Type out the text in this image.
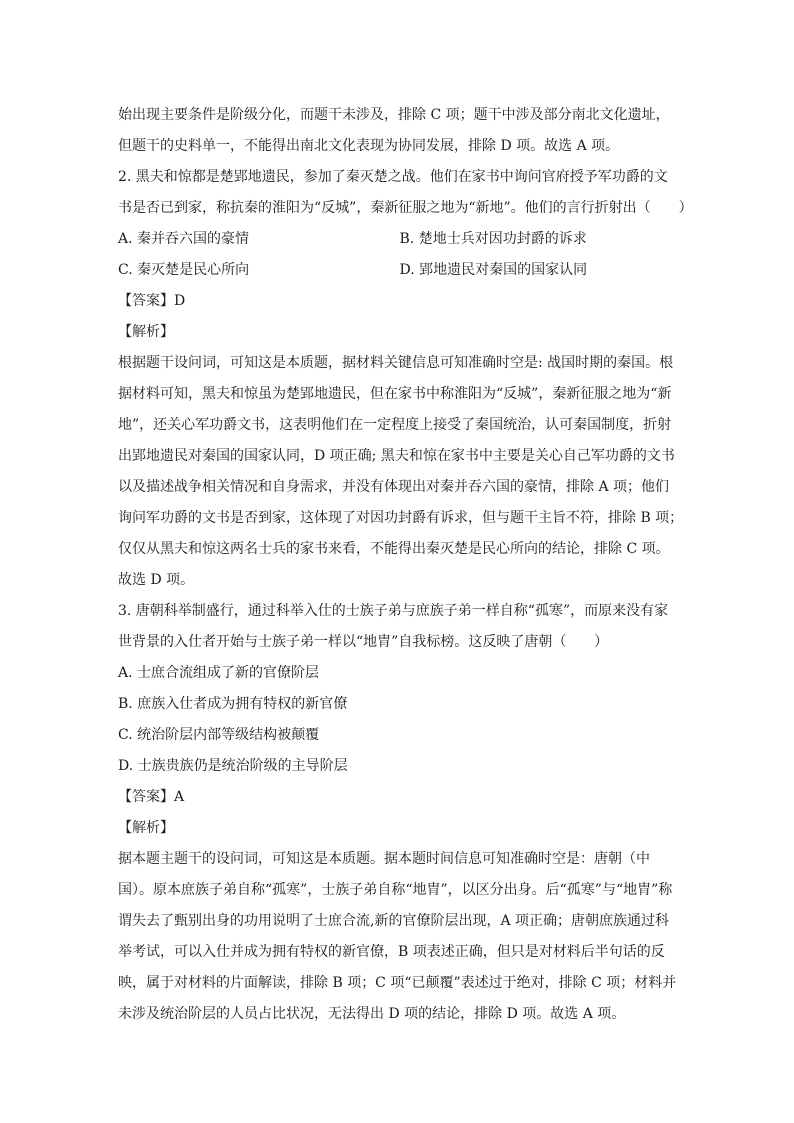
始出现主要条件是阶级分化，而题干未涉及，排除 C 项；题干中涉及部分南北文化遗址，
但题干的史料单一，不能得出南北文化表现为协同发展，排除 D 项。故选 A 项。
2. 黑夫和惊都是楚郢地遗民，参加了秦灭楚之战。他们在家书中询问官府授予军功爵的文
书是否已到家，称抗秦的淮阳为“反城”，秦新征服之地为“新地”。他们的言行折射出（　　）
A. 秦并吞六国的豪情	B. 楚地士兵对因功封爵的诉求
C. 秦灭楚是民心所向	D. 郢地遗民对秦国的国家认同
【答案】D
【解析】
根据题干设问词，可知这是本质题，据材料关键信息可知准确时空是: 战国时期的秦国。根
据材料可知，黑夫和惊虽为楚郢地遗民，但在家书中称淮阳为“反城”，秦新征服之地为“新
地”，还关心军功爵文书，这表明他们在一定程度上接受了秦国统治，认可秦国制度，折射
出郢地遗民对秦国的国家认同，D 项正确; 黑夫和惊在家书中主要是关心自己军功爵的文书
以及描述战争相关情况和自身需求，并没有体现出对秦并吞六国的豪情，排除 A 项；他们
询问军功爵的文书是否到家，这体现了对因功封爵有诉求，但与题干主旨不符，排除 B 项；
仅仅从黑夫和惊这两名士兵的家书来看，不能得出秦灭楚是民心所向的结论，排除 C 项。
故选 D 项。
3. 唐朝科举制盛行，通过科举入仕的士族子弟与庶族子弟一样自称“孤寒”，而原来没有家
世背景的入仕者开始与士族子弟一样以“地胄”自我标榜。这反映了唐朝（　　）
A. 士庶合流组成了新的官僚阶层
B. 庶族入仕者成为拥有特权的新官僚
C. 统治阶层内部等级结构被颠覆
D. 士族贵族仍是统治阶级的主导阶层
【答案】A
【解析】
据本题主题干的设问词，可知这是本质题。据本题时间信息可知准确时空是：唐朝（中
国）。原本庶族子弟自称“孤寒”，士族子弟自称“地胄”，以区分出身。后“孤寒”与“地胄”称
谓失去了甄别出身的功用说明了士庶合流,新的官僚阶层出现，A 项正确；唐朝庶族通过科
举考试，可以入仕并成为拥有特权的新官僚，B 项表述正确，但只是对材料后半句话的反
映，属于对材料的片面解读，排除 B 项；C 项“已颠覆”表述过于绝对，排除 C 项；材料并
未涉及统治阶层的人员占比状况，无法得出 D 项的结论，排除 D 项。故选 A 项。
